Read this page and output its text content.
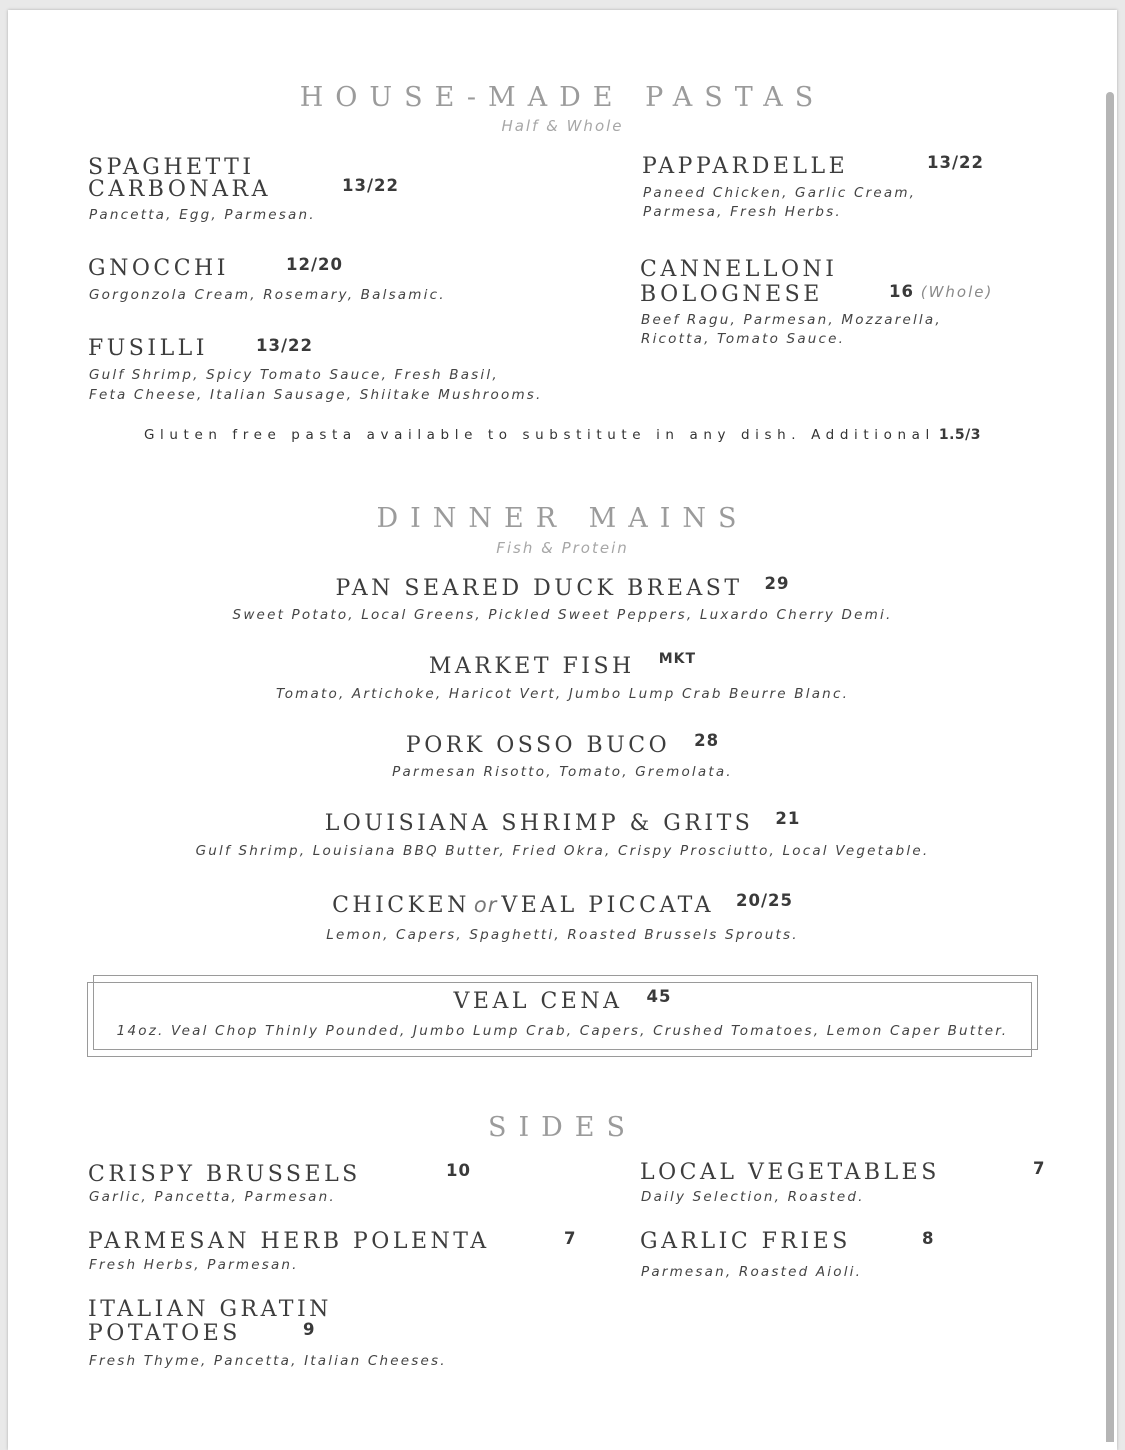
HOUSE-MADE PASTAS
Half & Whole
SPAGHETTI
CARBONARA	13/22
Pancetta, Egg, Parmesan.
PAPPARDELLE	13/22
Paneed Chicken, Garlic Cream,
Parmesa, Fresh Herbs.
GNOCCHI	12/20
Gorgonzola Cream, Rosemary, Balsamic.
CANNELLONI
BOLOGNESE	16 (Whole)
Beef Ragu, Parmesan, Mozzarella,
Ricotta, Tomato Sauce.
FUSILLI	13/22
Gulf Shrimp, Spicy Tomato Sauce, Fresh Basil,
Feta Cheese, Italian Sausage, Shiitake Mushrooms.
Gluten free pasta available to substitute in any dish. Additional 1.5/3
DINNER MAINS
Fish & Protein
PAN SEARED DUCK BREAST 29
Sweet Potato, Local Greens, Pickled Sweet Peppers, Luxardo Cherry Demi.
MARKET FISH MKT
Tomato, Artichoke, Haricot Vert, Jumbo Lump Crab Beurre Blanc.
PORK OSSO BUCO 28
Parmesan Risotto, Tomato, Gremolata.
LOUISIANA SHRIMP & GRITS 21
Gulf Shrimp, Louisiana BBQ Butter, Fried Okra, Crispy Prosciutto, Local Vegetable.
CHICKEN or VEAL PICCATA 20/25
Lemon, Capers, Spaghetti, Roasted Brussels Sprouts.
VEAL CENA 45
14oz. Veal Chop Thinly Pounded, Jumbo Lump Crab, Capers, Crushed Tomatoes, Lemon Caper Butter.
SIDES
CRISPY BRUSSELS	10
Garlic, Pancetta, Parmesan.
LOCAL VEGETABLES	7
Daily Selection, Roasted.
PARMESAN HERB POLENTA	7
Fresh Herbs, Parmesan.
GARLIC FRIES	8
Parmesan, Roasted Aioli.
ITALIAN GRATIN
POTATOES	9
Fresh Thyme, Pancetta, Italian Cheeses.
